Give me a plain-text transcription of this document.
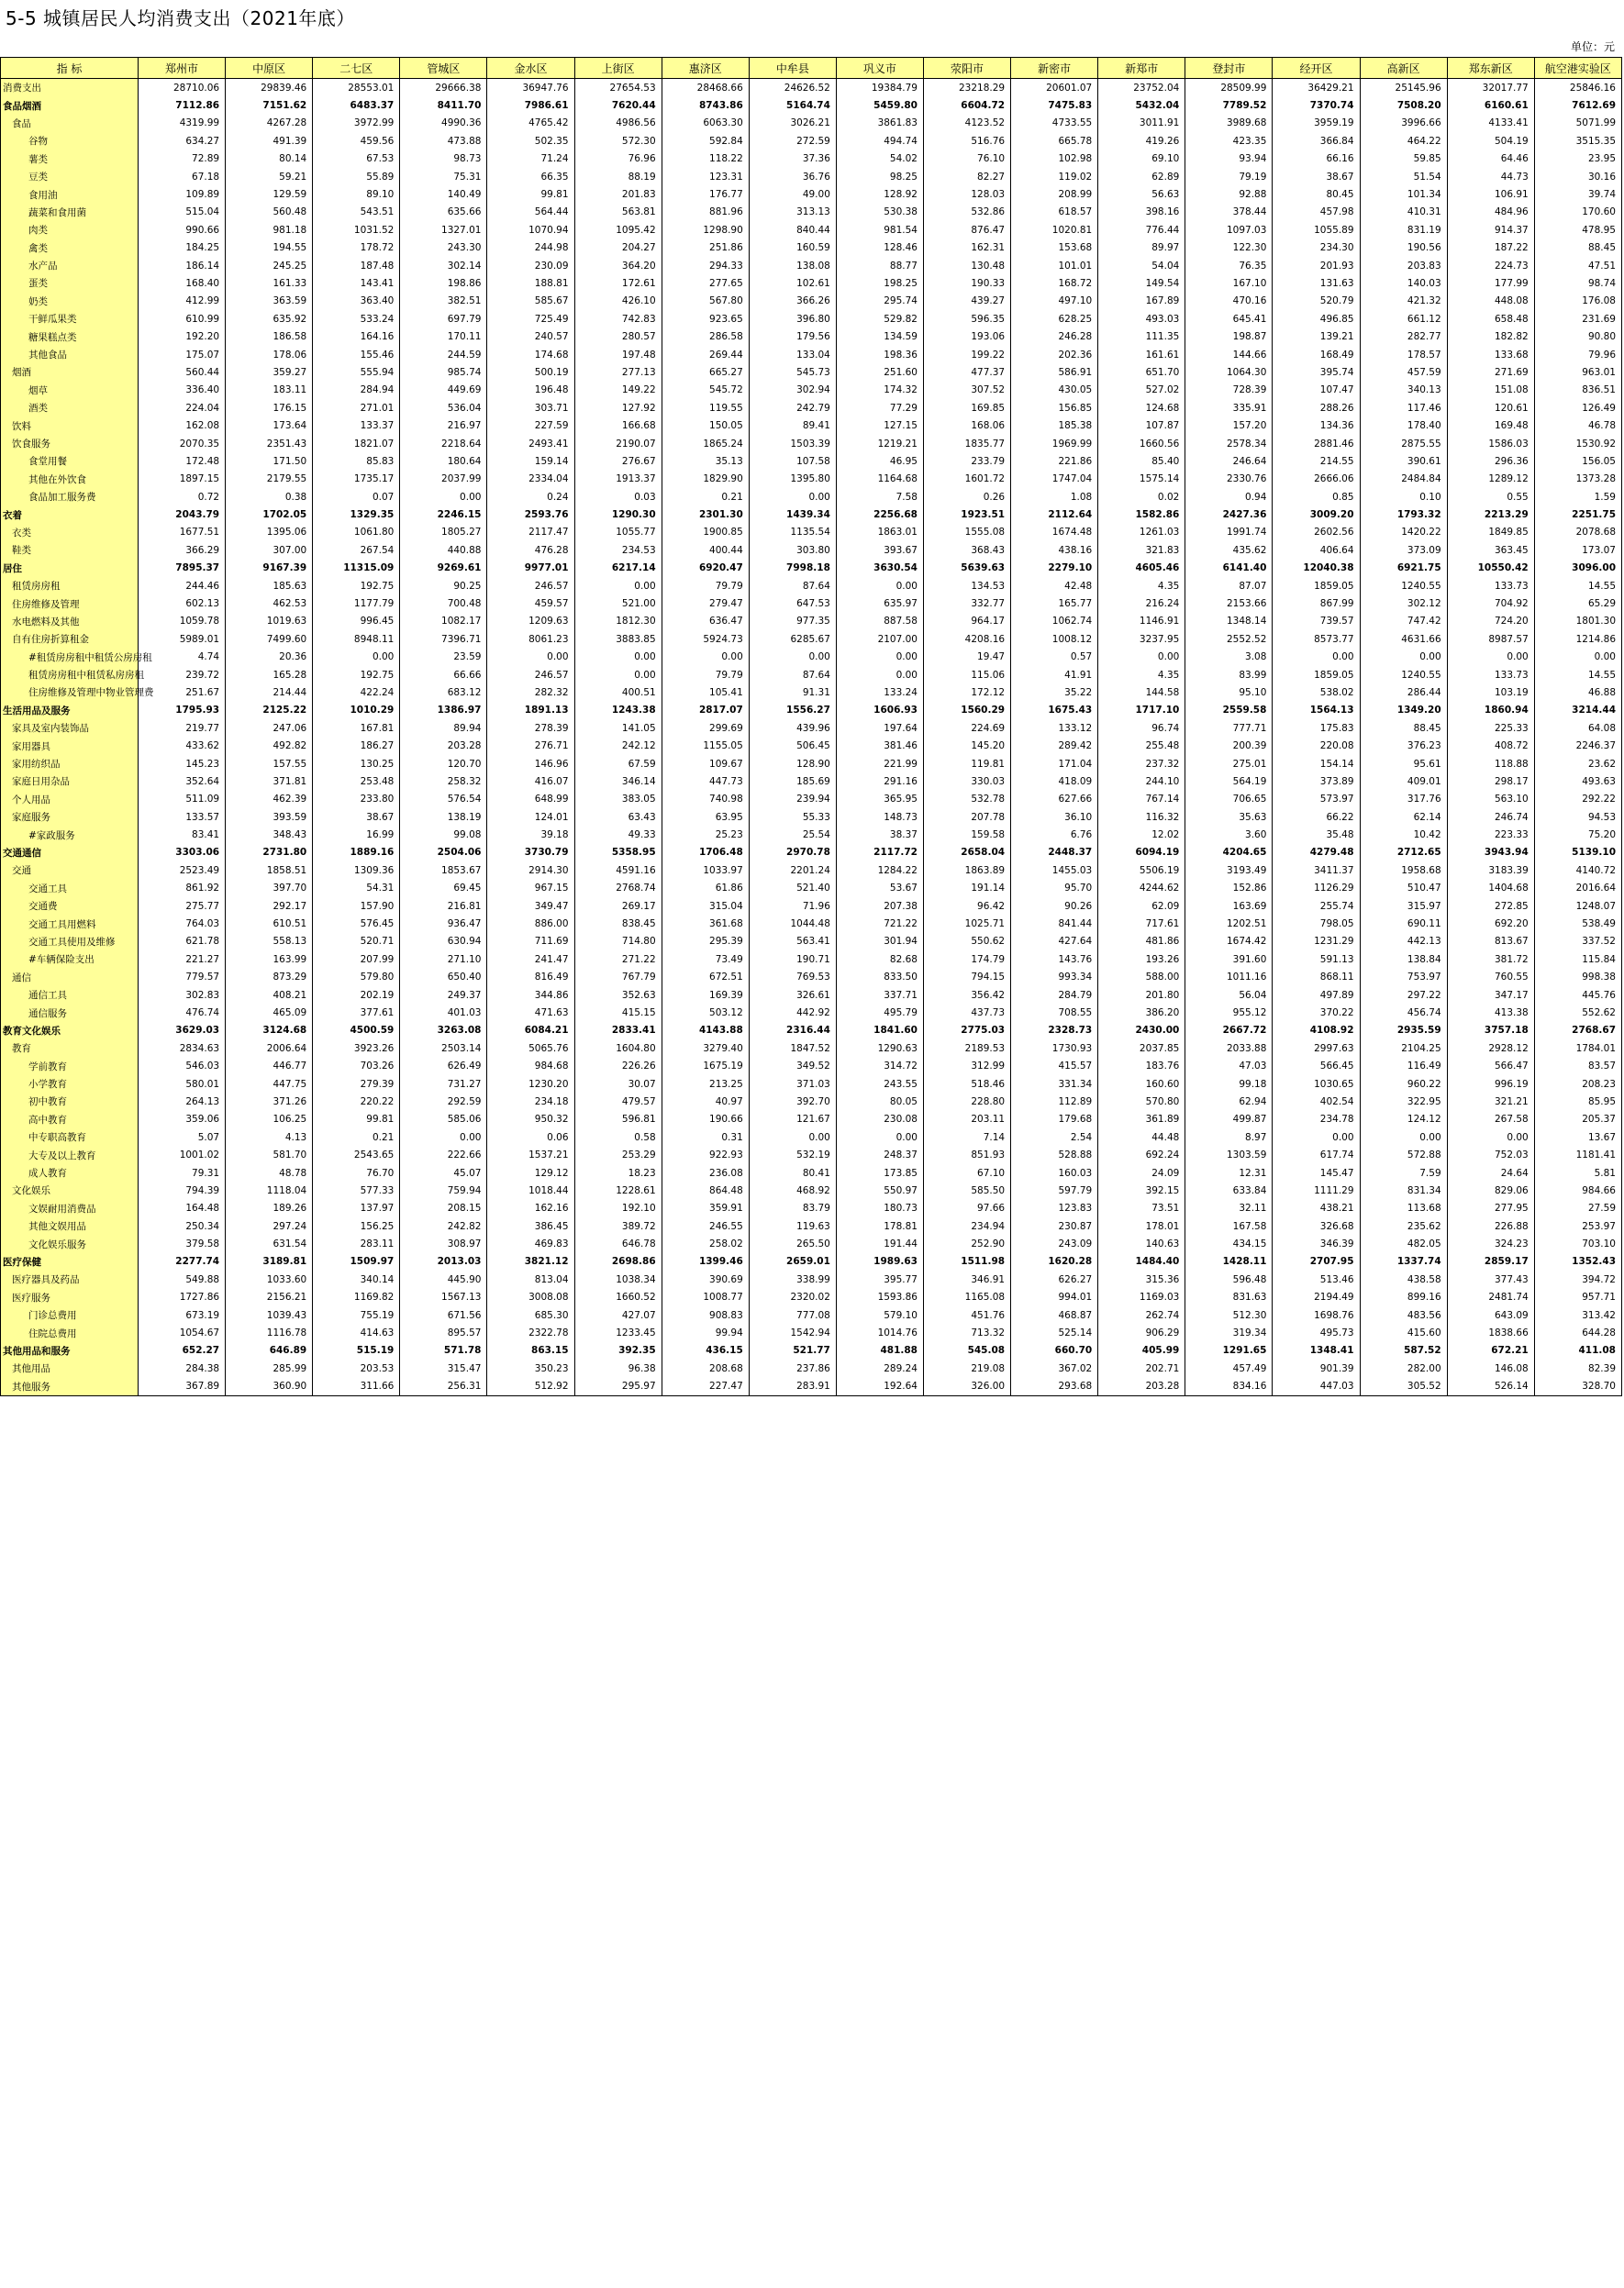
5-5 城镇居民人均消费支出（2021年底）
单位：元
指 标	郑州市	中原区	二七区	管城区	金水区	上街区	惠济区	中牟县	巩义市	荥阳市	新密市	新郑市	登封市	经开区	高新区	郑东新区	航空港实验区
消费支出	28710.06	29839.46	28553.01	29666.38	36947.76	27654.53	28468.66	24626.52	19384.79	23218.29	20601.07	23752.04	28509.99	36429.21	25145.96	32017.77	25846.16
食品烟酒	7112.86	7151.62	6483.37	8411.70	7986.61	7620.44	8743.86	5164.74	5459.80	6604.72	7475.83	5432.04	7789.52	7370.74	7508.20	6160.61	7612.69
食品	4319.99	4267.28	3972.99	4990.36	4765.42	4986.56	6063.30	3026.21	3861.83	4123.52	4733.55	3011.91	3989.68	3959.19	3996.66	4133.41	5071.99
谷物	634.27	491.39	459.56	473.88	502.35	572.30	592.84	272.59	494.74	516.76	665.78	419.26	423.35	366.84	464.22	504.19	3515.35
薯类	72.89	80.14	67.53	98.73	71.24	76.96	118.22	37.36	54.02	76.10	102.98	69.10	93.94	66.16	59.85	64.46	23.95
豆类	67.18	59.21	55.89	75.31	66.35	88.19	123.31	36.76	98.25	82.27	119.02	62.89	79.19	38.67	51.54	44.73	30.16
食用油	109.89	129.59	89.10	140.49	99.81	201.83	176.77	49.00	128.92	128.03	208.99	56.63	92.88	80.45	101.34	106.91	39.74
蔬菜和食用菌	515.04	560.48	543.51	635.66	564.44	563.81	881.96	313.13	530.38	532.86	618.57	398.16	378.44	457.98	410.31	484.96	170.60
肉类	990.66	981.18	1031.52	1327.01	1070.94	1095.42	1298.90	840.44	981.54	876.47	1020.81	776.44	1097.03	1055.89	831.19	914.37	478.95
禽类	184.25	194.55	178.72	243.30	244.98	204.27	251.86	160.59	128.46	162.31	153.68	89.97	122.30	234.30	190.56	187.22	88.45
水产品	186.14	245.25	187.48	302.14	230.09	364.20	294.33	138.08	88.77	130.48	101.01	54.04	76.35	201.93	203.83	224.73	47.51
蛋类	168.40	161.33	143.41	198.86	188.81	172.61	277.65	102.61	198.25	190.33	168.72	149.54	167.10	131.63	140.03	177.99	98.74
奶类	412.99	363.59	363.40	382.51	585.67	426.10	567.80	366.26	295.74	439.27	497.10	167.89	470.16	520.79	421.32	448.08	176.08
干鲜瓜果类	610.99	635.92	533.24	697.79	725.49	742.83	923.65	396.80	529.82	596.35	628.25	493.03	645.41	496.85	661.12	658.48	231.69
糖果糕点类	192.20	186.58	164.16	170.11	240.57	280.57	286.58	179.56	134.59	193.06	246.28	111.35	198.87	139.21	282.77	182.82	90.80
其他食品	175.07	178.06	155.46	244.59	174.68	197.48	269.44	133.04	198.36	199.22	202.36	161.61	144.66	168.49	178.57	133.68	79.96
烟酒	560.44	359.27	555.94	985.74	500.19	277.13	665.27	545.73	251.60	477.37	586.91	651.70	1064.30	395.74	457.59	271.69	963.01
烟草	336.40	183.11	284.94	449.69	196.48	149.22	545.72	302.94	174.32	307.52	430.05	527.02	728.39	107.47	340.13	151.08	836.51
酒类	224.04	176.15	271.01	536.04	303.71	127.92	119.55	242.79	77.29	169.85	156.85	124.68	335.91	288.26	117.46	120.61	126.49
饮料	162.08	173.64	133.37	216.97	227.59	166.68	150.05	89.41	127.15	168.06	185.38	107.87	157.20	134.36	178.40	169.48	46.78
饮食服务	2070.35	2351.43	1821.07	2218.64	2493.41	2190.07	1865.24	1503.39	1219.21	1835.77	1969.99	1660.56	2578.34	2881.46	2875.55	1586.03	1530.92
食堂用餐	172.48	171.50	85.83	180.64	159.14	276.67	35.13	107.58	46.95	233.79	221.86	85.40	246.64	214.55	390.61	296.36	156.05
其他在外饮食	1897.15	2179.55	1735.17	2037.99	2334.04	1913.37	1829.90	1395.80	1164.68	1601.72	1747.04	1575.14	2330.76	2666.06	2484.84	1289.12	1373.28
食品加工服务费	0.72	0.38	0.07	0.00	0.24	0.03	0.21	0.00	7.58	0.26	1.08	0.02	0.94	0.85	0.10	0.55	1.59
衣着	2043.79	1702.05	1329.35	2246.15	2593.76	1290.30	2301.30	1439.34	2256.68	1923.51	2112.64	1582.86	2427.36	3009.20	1793.32	2213.29	2251.75
衣类	1677.51	1395.06	1061.80	1805.27	2117.47	1055.77	1900.85	1135.54	1863.01	1555.08	1674.48	1261.03	1991.74	2602.56	1420.22	1849.85	2078.68
鞋类	366.29	307.00	267.54	440.88	476.28	234.53	400.44	303.80	393.67	368.43	438.16	321.83	435.62	406.64	373.09	363.45	173.07
居住	7895.37	9167.39	11315.09	9269.61	9977.01	6217.14	6920.47	7998.18	3630.54	5639.63	2279.10	4605.46	6141.40	12040.38	6921.75	10550.42	3096.00
租赁房房租	244.46	185.63	192.75	90.25	246.57	0.00	79.79	87.64	0.00	134.53	42.48	4.35	87.07	1859.05	1240.55	133.73	14.55
住房维修及管理	602.13	462.53	1177.79	700.48	459.57	521.00	279.47	647.53	635.97	332.77	165.77	216.24	2153.66	867.99	302.12	704.92	65.29
水电燃料及其他	1059.78	1019.63	996.45	1082.17	1209.63	1812.30	636.47	977.35	887.58	964.17	1062.74	1146.91	1348.14	739.57	747.42	724.20	1801.30
自有住房折算租金	5989.01	7499.60	8948.11	7396.71	8061.23	3883.85	5924.73	6285.67	2107.00	4208.16	1008.12	3237.95	2552.52	8573.77	4631.66	8987.57	1214.86
#租赁房房租中租赁公房房租	4.74	20.36	0.00	23.59	0.00	0.00	0.00	0.00	0.00	19.47	0.57	0.00	3.08	0.00	0.00	0.00	0.00
租赁房房租中租赁私房房租	239.72	165.28	192.75	66.66	246.57	0.00	79.79	87.64	0.00	115.06	41.91	4.35	83.99	1859.05	1240.55	133.73	14.55
住房维修及管理中物业管理费	251.67	214.44	422.24	683.12	282.32	400.51	105.41	91.31	133.24	172.12	35.22	144.58	95.10	538.02	286.44	103.19	46.88
生活用品及服务	1795.93	2125.22	1010.29	1386.97	1891.13	1243.38	2817.07	1556.27	1606.93	1560.29	1675.43	1717.10	2559.58	1564.13	1349.20	1860.94	3214.44
家具及室内装饰品	219.77	247.06	167.81	89.94	278.39	141.05	299.69	439.96	197.64	224.69	133.12	96.74	777.71	175.83	88.45	225.33	64.08
家用器具	433.62	492.82	186.27	203.28	276.71	242.12	1155.05	506.45	381.46	145.20	289.42	255.48	200.39	220.08	376.23	408.72	2246.37
家用纺织品	145.23	157.55	130.25	120.70	146.96	67.59	109.67	128.90	221.99	119.81	171.04	237.32	275.01	154.14	95.61	118.88	23.62
家庭日用杂品	352.64	371.81	253.48	258.32	416.07	346.14	447.73	185.69	291.16	330.03	418.09	244.10	564.19	373.89	409.01	298.17	493.63
个人用品	511.09	462.39	233.80	576.54	648.99	383.05	740.98	239.94	365.95	532.78	627.66	767.14	706.65	573.97	317.76	563.10	292.22
家庭服务	133.57	393.59	38.67	138.19	124.01	63.43	63.95	55.33	148.73	207.78	36.10	116.32	35.63	66.22	62.14	246.74	94.53
#家政服务	83.41	348.43	16.99	99.08	39.18	49.33	25.23	25.54	38.37	159.58	6.76	12.02	3.60	35.48	10.42	223.33	75.20
交通通信	3303.06	2731.80	1889.16	2504.06	3730.79	5358.95	1706.48	2970.78	2117.72	2658.04	2448.37	6094.19	4204.65	4279.48	2712.65	3943.94	5139.10
交通	2523.49	1858.51	1309.36	1853.67	2914.30	4591.16	1033.97	2201.24	1284.22	1863.89	1455.03	5506.19	3193.49	3411.37	1958.68	3183.39	4140.72
交通工具	861.92	397.70	54.31	69.45	967.15	2768.74	61.86	521.40	53.67	191.14	95.70	4244.62	152.86	1126.29	510.47	1404.68	2016.64
交通费	275.77	292.17	157.90	216.81	349.47	269.17	315.04	71.96	207.38	96.42	90.26	62.09	163.69	255.74	315.97	272.85	1248.07
交通工具用燃料	764.03	610.51	576.45	936.47	886.00	838.45	361.68	1044.48	721.22	1025.71	841.44	717.61	1202.51	798.05	690.11	692.20	538.49
交通工具使用及维修	621.78	558.13	520.71	630.94	711.69	714.80	295.39	563.41	301.94	550.62	427.64	481.86	1674.42	1231.29	442.13	813.67	337.52
#车辆保险支出	221.27	163.99	207.99	271.10	241.47	271.22	73.49	190.71	82.68	174.79	143.76	193.26	391.60	591.13	138.84	381.72	115.84
通信	779.57	873.29	579.80	650.40	816.49	767.79	672.51	769.53	833.50	794.15	993.34	588.00	1011.16	868.11	753.97	760.55	998.38
通信工具	302.83	408.21	202.19	249.37	344.86	352.63	169.39	326.61	337.71	356.42	284.79	201.80	56.04	497.89	297.22	347.17	445.76
通信服务	476.74	465.09	377.61	401.03	471.63	415.15	503.12	442.92	495.79	437.73	708.55	386.20	955.12	370.22	456.74	413.38	552.62
教育文化娱乐	3629.03	3124.68	4500.59	3263.08	6084.21	2833.41	4143.88	2316.44	1841.60	2775.03	2328.73	2430.00	2667.72	4108.92	2935.59	3757.18	2768.67
教育	2834.63	2006.64	3923.26	2503.14	5065.76	1604.80	3279.40	1847.52	1290.63	2189.53	1730.93	2037.85	2033.88	2997.63	2104.25	2928.12	1784.01
学前教育	546.03	446.77	703.26	626.49	984.68	226.26	1675.19	349.52	314.72	312.99	415.57	183.76	47.03	566.45	116.49	566.47	83.57
小学教育	580.01	447.75	279.39	731.27	1230.20	30.07	213.25	371.03	243.55	518.46	331.34	160.60	99.18	1030.65	960.22	996.19	208.23
初中教育	264.13	371.26	220.22	292.59	234.18	479.57	40.97	392.70	80.05	228.80	112.89	570.80	62.94	402.54	322.95	321.21	85.95
高中教育	359.06	106.25	99.81	585.06	950.32	596.81	190.66	121.67	230.08	203.11	179.68	361.89	499.87	234.78	124.12	267.58	205.37
中专职高教育	5.07	4.13	0.21	0.00	0.06	0.58	0.31	0.00	0.00	7.14	2.54	44.48	8.97	0.00	0.00	0.00	13.67
大专及以上教育	1001.02	581.70	2543.65	222.66	1537.21	253.29	922.93	532.19	248.37	851.93	528.88	692.24	1303.59	617.74	572.88	752.03	1181.41
成人教育	79.31	48.78	76.70	45.07	129.12	18.23	236.08	80.41	173.85	67.10	160.03	24.09	12.31	145.47	7.59	24.64	5.81
文化娱乐	794.39	1118.04	577.33	759.94	1018.44	1228.61	864.48	468.92	550.97	585.50	597.79	392.15	633.84	1111.29	831.34	829.06	984.66
文娱耐用消费品	164.48	189.26	137.97	208.15	162.16	192.10	359.91	83.79	180.73	97.66	123.83	73.51	32.11	438.21	113.68	277.95	27.59
其他文娱用品	250.34	297.24	156.25	242.82	386.45	389.72	246.55	119.63	178.81	234.94	230.87	178.01	167.58	326.68	235.62	226.88	253.97
文化娱乐服务	379.58	631.54	283.11	308.97	469.83	646.78	258.02	265.50	191.44	252.90	243.09	140.63	434.15	346.39	482.05	324.23	703.10
医疗保健	2277.74	3189.81	1509.97	2013.03	3821.12	2698.86	1399.46	2659.01	1989.63	1511.98	1620.28	1484.40	1428.11	2707.95	1337.74	2859.17	1352.43
医疗器具及药品	549.88	1033.60	340.14	445.90	813.04	1038.34	390.69	338.99	395.77	346.91	626.27	315.36	596.48	513.46	438.58	377.43	394.72
医疗服务	1727.86	2156.21	1169.82	1567.13	3008.08	1660.52	1008.77	2320.02	1593.86	1165.08	994.01	1169.03	831.63	2194.49	899.16	2481.74	957.71
门诊总费用	673.19	1039.43	755.19	671.56	685.30	427.07	908.83	777.08	579.10	451.76	468.87	262.74	512.30	1698.76	483.56	643.09	313.42
住院总费用	1054.67	1116.78	414.63	895.57	2322.78	1233.45	99.94	1542.94	1014.76	713.32	525.14	906.29	319.34	495.73	415.60	1838.66	644.28
其他用品和服务	652.27	646.89	515.19	571.78	863.15	392.35	436.15	521.77	481.88	545.08	660.70	405.99	1291.65	1348.41	587.52	672.21	411.08
其他用品	284.38	285.99	203.53	315.47	350.23	96.38	208.68	237.86	289.24	219.08	367.02	202.71	457.49	901.39	282.00	146.08	82.39
其他服务	367.89	360.90	311.66	256.31	512.92	295.97	227.47	283.91	192.64	326.00	293.68	203.28	834.16	447.03	305.52	526.14	328.70
